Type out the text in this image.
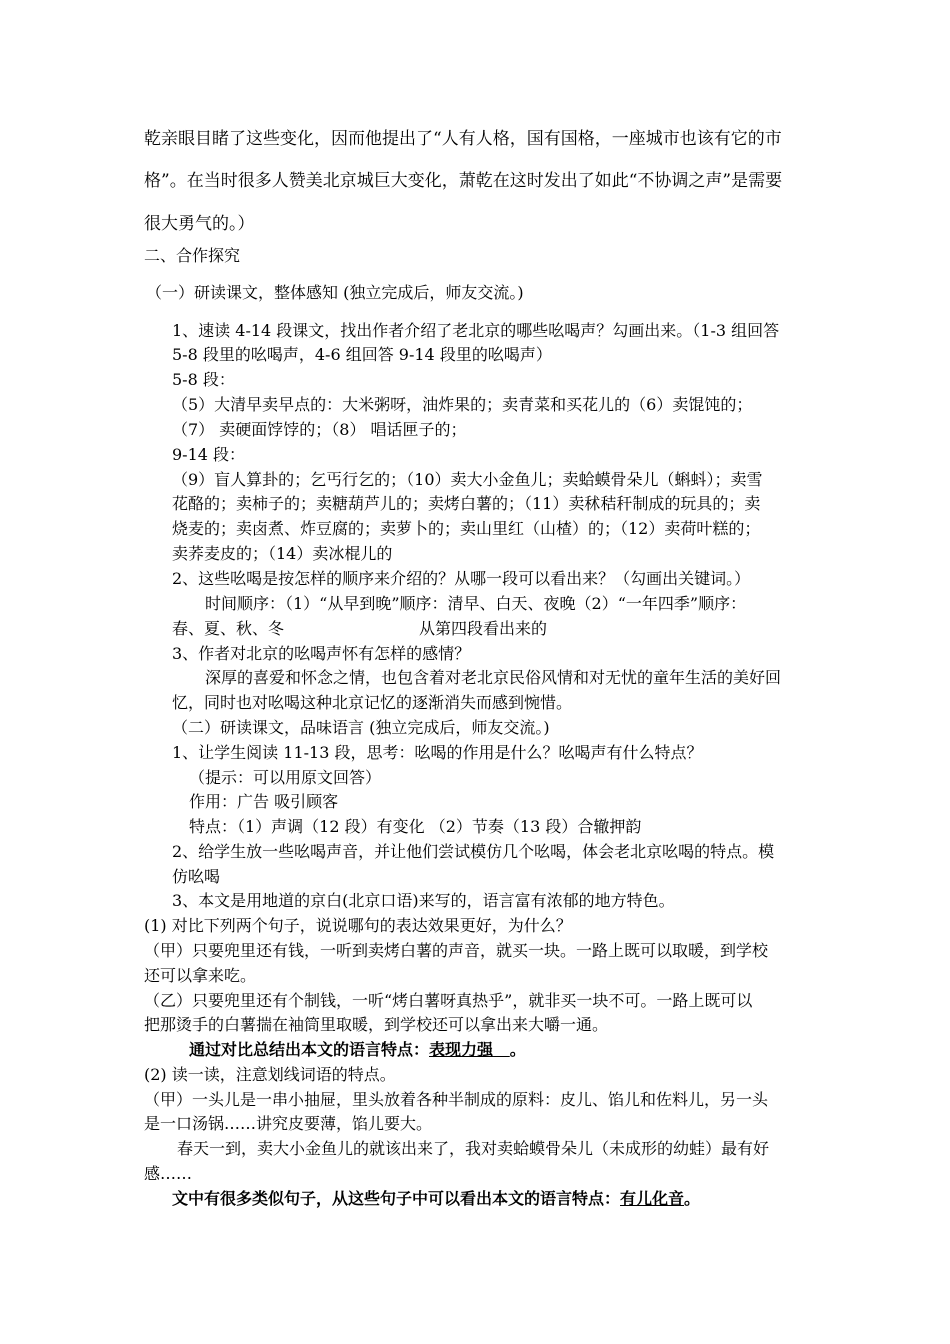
乾亲眼目睹了这些变化，因而他提出了“人有人格，国有国格，一座城市也该有它的市
格”。在当时很多人赞美北京城巨大变化，萧乾在这时发出了如此“不协调之声”是需要
很大勇气的。）
二、合作探究
（一）研读课文，整体感知 (独立完成后，师友交流。)
1、速读 4-14 段课文，找出作者介绍了老北京的哪些吆喝声？勾画出来。（1-3 组回答
5-8 段里的吆喝声，4-6 组回答 9-14 段里的吆喝声）
5-8 段：
（5）大清早卖早点的：大米粥呀，油炸果的；卖青菜和买花儿的（6）卖馄饨的；
（7） 卖硬面饽饽的；（8） 唱话匣子的；
9-14 段：
（9）盲人算卦的；乞丐行乞的；（10）卖大小金鱼儿；卖蛤蟆骨朵儿（蝌蚪）；卖雪
花酪的；卖柿子的；卖糖葫芦儿的；卖烤白薯的；（11）卖秫秸秆制成的玩具的；卖
烧麦的；卖卤煮、炸豆腐的；卖萝卜的；卖山里红（山楂）的；（12）卖荷叶糕的；
卖荞麦皮的；（14）卖冰棍儿的
2、这些吆喝是按怎样的顺序来介绍的？从哪一段可以看出来？（勾画出关键词。）
时间顺序：（1）“从早到晚”顺序：清早、白天、夜晚（2）“一年四季”顺序：
春、夏、秋、冬	从第四段看出来的
3、作者对北京的吆喝声怀有怎样的感情？
深厚的喜爱和怀念之情，也包含着对老北京民俗风情和对无忧的童年生活的美好回
忆，同时也对吆喝这种北京记忆的逐渐消失而感到惋惜。
（二）研读课文，品味语言 (独立完成后，师友交流。)
1、让学生阅读 11-13 段，思考：吆喝的作用是什么？吆喝声有什么特点？
（提示：可以用原文回答）
作用：广告 吸引顾客
特点：（1）声调（12 段）有变化 （2）节奏（13 段）合辙押韵
2、给学生放一些吆喝声音，并让他们尝试模仿几个吆喝，体会老北京吆喝的特点。模
仿吆喝
3、本文是用地道的京白(北京口语)来写的，语言富有浓郁的地方特色。
(1) 对比下列两个句子，说说哪句的表达效果更好，为什么？
（甲）只要兜里还有钱，一听到卖烤白薯的声音，就买一块。一路上既可以取暖，到学校
还可以拿来吃。
（乙）只要兜里还有个制钱，一听“烤白薯呀真热乎”，就非买一块不可。一路上既可以
把那烫手的白薯揣在袖筒里取暖，到学校还可以拿出来大嚼一通。
通过对比总结出本文的语言特点：表现力强 。
(2) 读一读，注意划线词语的特点。
（甲）一头儿是一串小抽屉，里头放着各种半制成的原料：皮儿、馅儿和佐料儿，另一头
是一口汤锅……讲究皮要薄，馅儿要大。
春天一到，卖大小金鱼儿的就该出来了，我对卖蛤蟆骨朵儿（未成形的幼蛙）最有好
感……
文中有很多类似句子，从这些句子中可以看出本文的语言特点：有儿化音。
